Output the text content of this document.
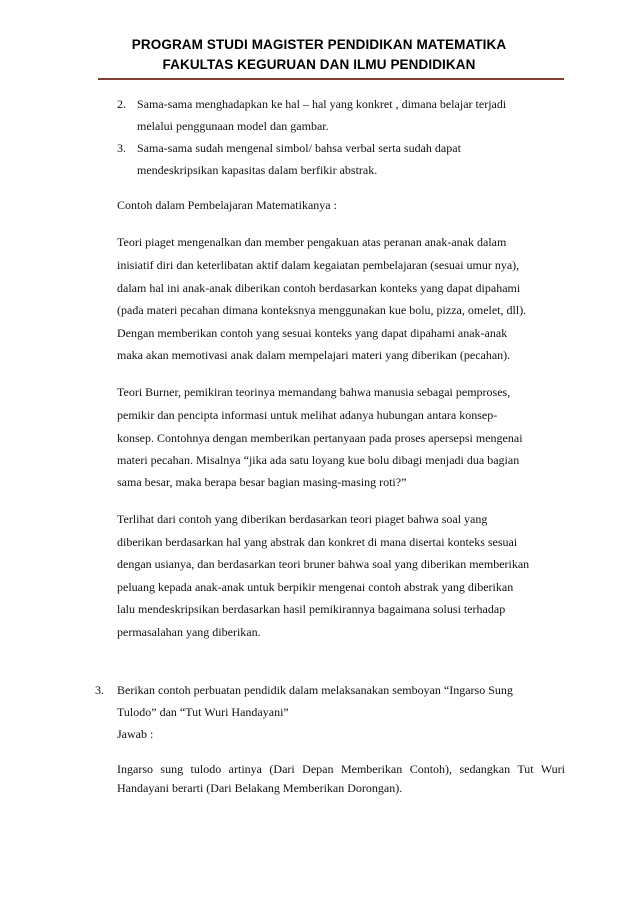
PROGRAM STUDI MAGISTER PENDIDIKAN MATEMATIKA
FAKULTAS KEGURUAN DAN ILMU PENDIDIKAN
2. Sama-sama menghadapkan ke hal – hal yang konkret , dimana belajar terjadi
melalui penggunaan model dan gambar.
3. Sama-sama sudah mengenal simbol/ bahsa verbal serta sudah dapat
mendeskripsikan kapasitas dalam berfikir abstrak.
Contoh dalam Pembelajaran Matematikanya :
Teori piaget mengenalkan dan member pengakuan atas peranan anak-anak dalam
inisiatif diri dan keterlibatan aktif dalam kegaiatan pembelajaran (sesuai umur nya),
dalam hal ini anak-anak diberikan contoh berdasarkan konteks yang dapat dipahami
(pada materi pecahan dimana konteksnya menggunakan kue bolu, pizza, omelet, dll).
Dengan memberikan contoh yang sesuai konteks yang dapat dipahami anak-anak
maka akan memotivasi anak dalam mempelajari materi yang diberikan (pecahan).
Teori Burner, pemikiran teorinya memandang bahwa manusia sebagai pemproses,
pemikir dan pencipta informasi untuk melihat adanya hubungan antara konsep-
konsep. Contohnya dengan memberikan pertanyaan pada proses apersepsi mengenai
materi pecahan. Misalnya “jika ada satu loyang kue bolu dibagi menjadi dua bagian
sama besar, maka berapa besar bagian masing-masing roti?”
Terlihat dari contoh yang diberikan berdasarkan teori piaget bahwa soal yang
diberikan berdasarkan hal yang abstrak dan konkret di mana disertai konteks sesuai
dengan usianya, dan berdasarkan teori bruner bahwa soal yang diberikan memberikan
peluang kepada anak-anak untuk berpikir mengenai contoh abstrak yang diberikan
lalu mendeskripsikan berdasarkan hasil pemikirannya bagaimana solusi terhadap
permasalahan yang diberikan.
3. Berikan contoh perbuatan pendidik dalam melaksanakan semboyan “Ingarso Sung
Tulodo” dan “Tut Wuri Handayani”
Jawab :
Ingarso sung tulodo artinya (Dari Depan Memberikan Contoh), sedangkan Tut Wuri Handayani berarti (Dari Belakang Memberikan Dorongan).
